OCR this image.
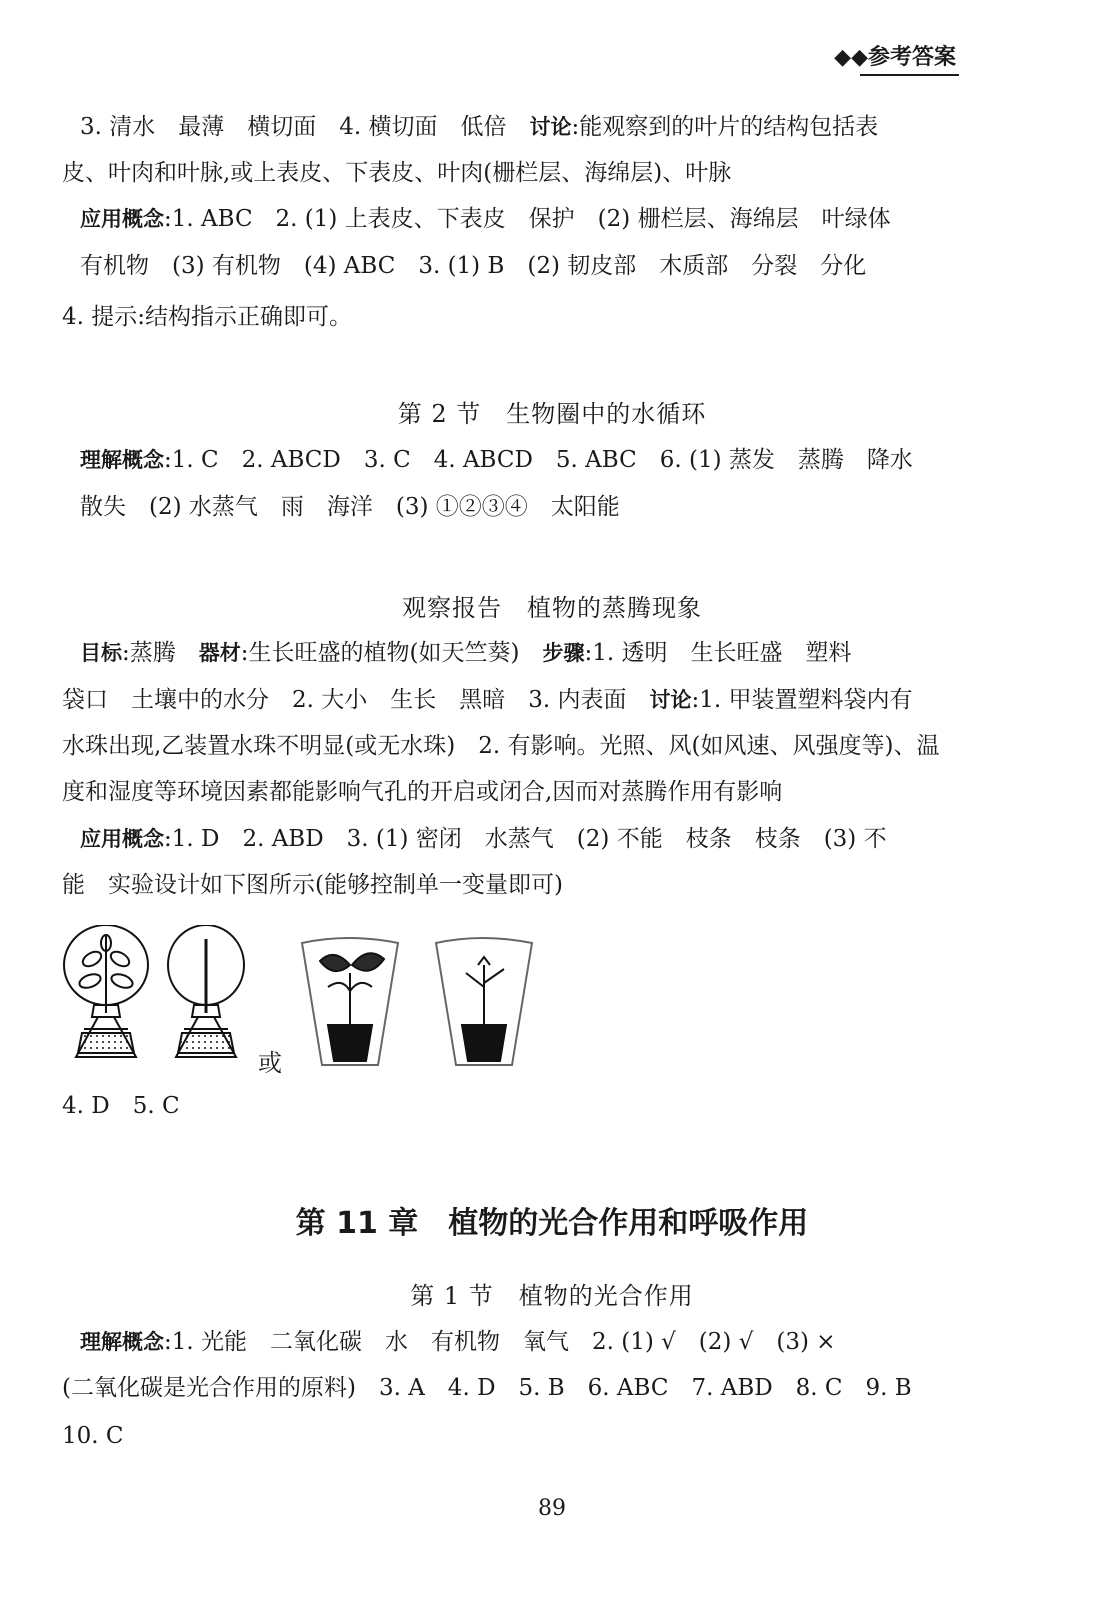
◆◆参考答案
3. 清水　最薄　横切面　4. 横切面　低倍　讨论:能观察到的叶片的结构包括表
皮、叶肉和叶脉,或上表皮、下表皮、叶肉(栅栏层、海绵层)、叶脉
应用概念:1. ABC　2. (1) 上表皮、下表皮　保护　(2) 栅栏层、海绵层　叶绿体
有机物　(3) 有机物　(4) ABC　3. (1) B　(2) 韧皮部　木质部　分裂　分化
4. 提示:结构指示正确即可。
第 2 节　生物圈中的水循环
理解概念:1. C　2. ABCD　3. C　4. ABCD　5. ABC　6. (1) 蒸发　蒸腾　降水
散失　(2) 水蒸气　雨　海洋　(3) ①②③④　太阳能
观察报告　植物的蒸腾现象
目标:蒸腾　器材:生长旺盛的植物(如天竺葵)　步骤:1. 透明　生长旺盛　塑料
袋口　土壤中的水分　2. 大小　生长　黑暗　3. 内表面　讨论:1. 甲装置塑料袋内有
水珠出现,乙装置水珠不明显(或无水珠)　2. 有影响。光照、风(如风速、风强度等)、温
度和湿度等环境因素都能影响气孔的开启或闭合,因而对蒸腾作用有影响
应用概念:1. D　2. ABD　3. (1) 密闭　水蒸气　(2) 不能　枝条　枝条　(3) 不
能　实验设计如下图所示(能够控制单一变量即可)
或
4. D　5. C
第 11 章　植物的光合作用和呼吸作用
第 1 节　植物的光合作用
理解概念:1. 光能　二氧化碳　水　有机物　氧气　2. (1) √　(2) √　(3) ×
(二氧化碳是光合作用的原料)　3. A　4. D　5. B　6. ABC　7. ABD　8. C　9. B
10. C
89
